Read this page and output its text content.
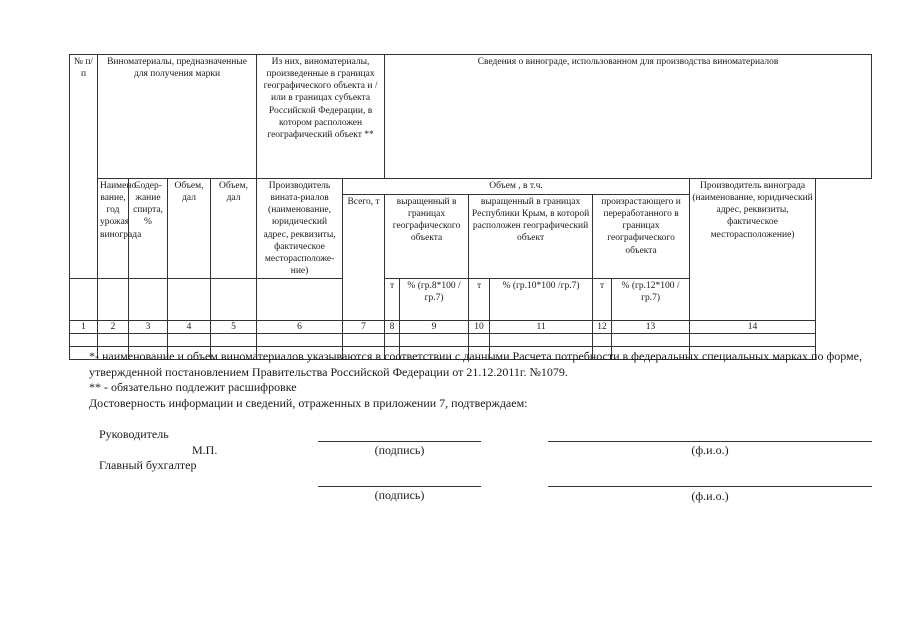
№ п/п	Виноматериалы, предназначенные для получения марки				Из них, виноматериалы, произведенные в границах географического объекта и / или в границах субъекта Российской Федерации, в котором расположен географический объект **		Сведения о винограде, использованном для производства виноматериалов						
	Наимено-вание, год урожая винограда	Содер-жание спирта, %	Объем, дал	Объем, дал	Производитель вината-риалов (наименование, юридический адрес, реквизиты, фактическое месторасположе-ние)	Объем , в т.ч.							Производитель винограда (наименование, юридический адрес, реквизиты, фактическое месторасположение)
						Всего, т	выращенный в границах географического объекта		выращенный в границах Республики Крым, в которой расположен географический объект		произрастающего и переработанного в границах географического объекта		
							т	% (гр.8*100 /гр.7)	т	% (гр.10*100 /гр.7)	т	% (гр.12*100 /гр.7)	
1	2	3	4	5	6	7	8	9	10	11	12	13	14

*- наименование и объем виноматериалов указываются в соответствии с данными Расчета потребности в федеральных специальных марках по форме, утвержденной постановлением Правительства Российской Федерации от 21.12.2011г. №1079.

** - обязательно подлежит расшифровке

Достоверность информации и сведений, отраженных в приложении 7, подтверждаем:

Руководитель
М.П.
Главный бухгалтер
(подпись)	(ф.и.о.)
(подпись)	(ф.и.о.)
